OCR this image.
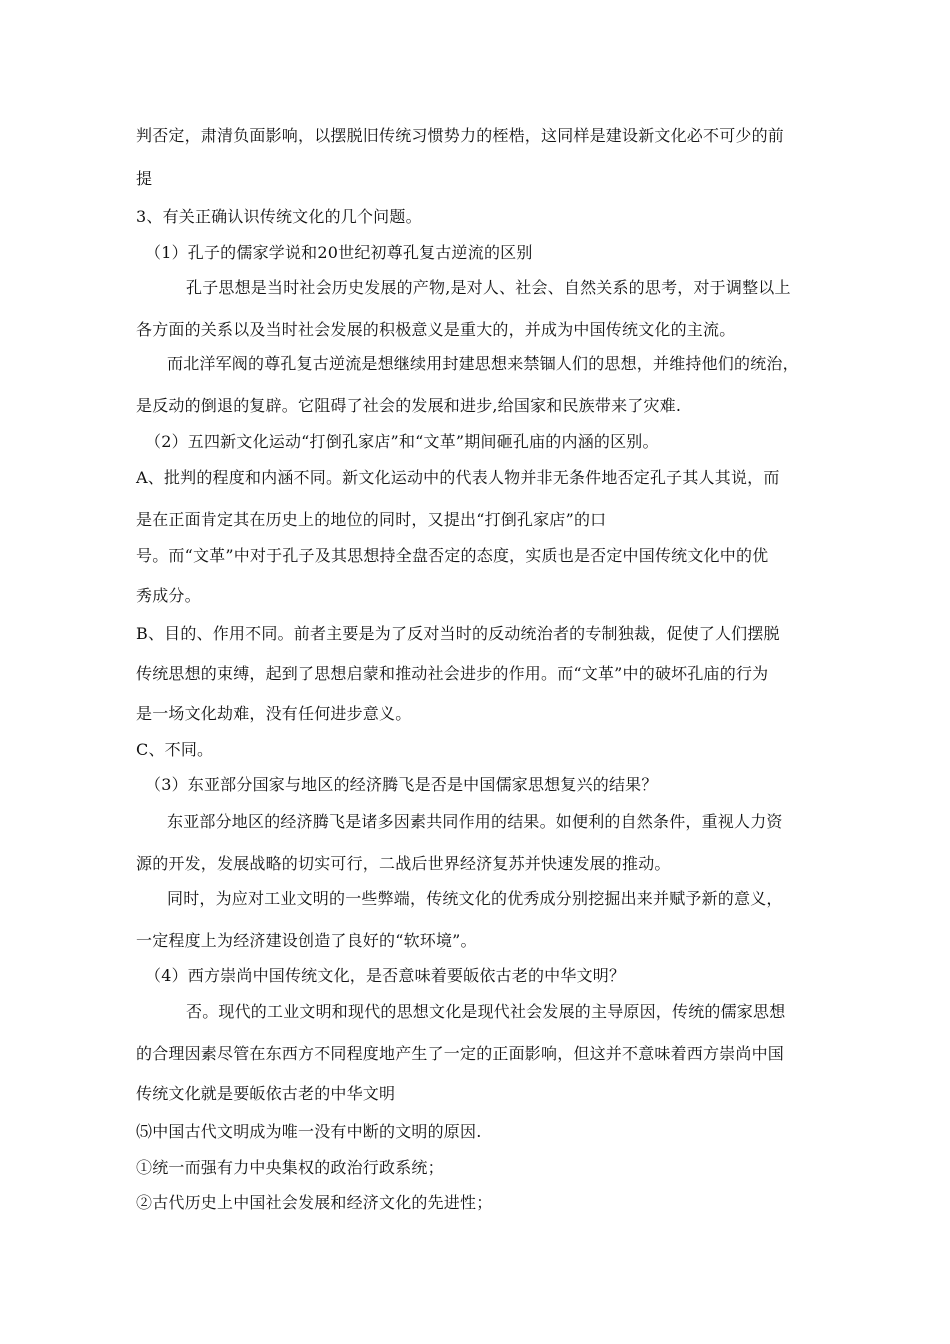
判否定，肃清负面影响，以摆脱旧传统习惯势力的桎梏，这同样是建设新文化必不可少的前

提

3、有关正确认识传统文化的几个问题。

（1）孔子的儒家学说和20世纪初尊孔复古逆流的区别

孔子思想是当时社会历史发展的产物,是对人、社会、自然关系的思考，对于调整以上

各方面的关系以及当时社会发展的积极意义是重大的，并成为中国传统文化的主流。

而北洋军阀的尊孔复古逆流是想继续用封建思想来禁锢人们的思想，并维持他们的统治，

是反动的倒退的复辟。它阻碍了社会的发展和进步,给国家和民族带来了灾难.

（2）五四新文化运动“打倒孔家店”和“文革”期间砸孔庙的内涵的区别。

A、批判的程度和内涵不同。新文化运动中的代表人物并非无条件地否定孔子其人其说，而

是在正面肯定其在历史上的地位的同时，又提出“打倒孔家店”的口

号。而“文革”中对于孔子及其思想持全盘否定的态度，实质也是否定中国传统文化中的优

秀成分。

B、目的、作用不同。前者主要是为了反对当时的反动统治者的专制独裁，促使了人们摆脱

传统思想的束缚，起到了思想启蒙和推动社会进步的作用。而“文革”中的破坏孔庙的行为

是一场文化劫难，没有任何进步意义。

C、不同。

（3）东亚部分国家与地区的经济腾飞是否是中国儒家思想复兴的结果？

东亚部分地区的经济腾飞是诸多因素共同作用的结果。如便利的自然条件，重视人力资

源的开发，发展战略的切实可行，二战后世界经济复苏并快速发展的推动。

同时，为应对工业文明的一些弊端，传统文化的优秀成分别挖掘出来并赋予新的意义，

一定程度上为经济建设创造了良好的“软环境”。

（4）西方崇尚中国传统文化，是否意味着要皈依古老的中华文明？

否。现代的工业文明和现代的思想文化是现代社会发展的主导原因，传统的儒家思想

的合理因素尽管在东西方不同程度地产生了一定的正面影响，但这并不意味着西方崇尚中国

传统文化就是要皈依古老的中华文明

⑸中国古代文明成为唯一没有中断的文明的原因.

①统一而强有力中央集权的政治行政系统；

②古代历史上中国社会发展和经济文化的先进性；
